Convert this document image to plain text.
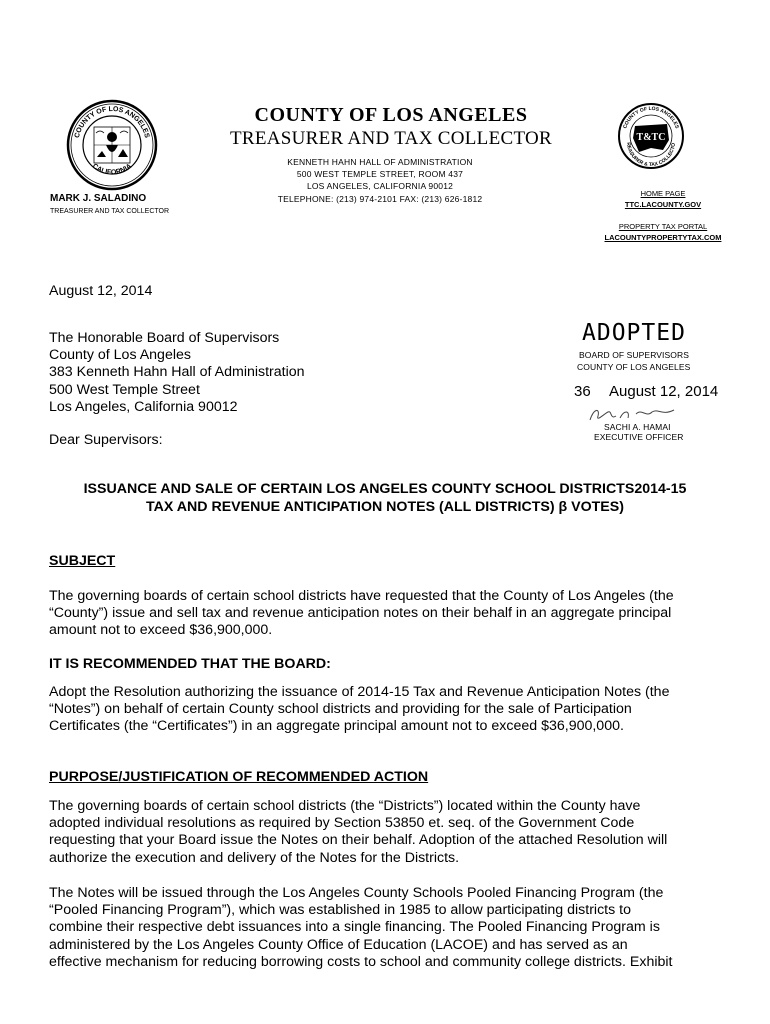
COUNTY OF LOS ANGELES
CALIFORNIA
COUNTY OF LOS ANGELES
TREASURER AND TAX COLLECTOR
KENNETH HAHN HALL OF ADMINISTRATION
500 WEST TEMPLE STREET, ROOM 437
LOS ANGELES, CALIFORNIA 90012
TELEPHONE: (213) 974-2101 FAX: (213) 626-1812
MARK J. SALADINO
TREASURER AND TAX COLLECTOR
COUNTY OF LOS ANGELES
REASURER & TAX COLLECTO
T&TC
HOME PAGE
TTC.LACOUNTY.GOV
PROPERTY TAX PORTAL
LACOUNTYPROPERTYTAX.COM
August 12, 2014
The Honorable Board of Supervisors
County of Los Angeles
383 Kenneth Hahn Hall of Administration
500 West Temple Street
Los Angeles, California 90012
Dear Supervisors:
ADOPTED
BOARD OF SUPERVISORS
COUNTY OF LOS ANGELES
36 August 12, 2014
SACHI A. HAMAI
EXECUTIVE OFFICER
ISSUANCE AND SALE OF CERTAIN LOS ANGELES COUNTY SCHOOL DISTRICTS2014-15
TAX AND REVENUE ANTICIPATION NOTES (ALL DISTRICTS) β VOTES)
SUBJECT
The governing boards of certain school districts have requested that the County of Los Angeles (the
“County”) issue and sell tax and revenue anticipation notes on their behalf in an aggregate principal
amount not to exceed $36,900,000.
IT IS RECOMMENDED THAT THE BOARD:
Adopt the Resolution authorizing the issuance of 2014-15 Tax and Revenue Anticipation Notes (the
“Notes”) on behalf of certain County school districts and providing for the sale of Participation
Certificates (the “Certificates”) in an aggregate principal amount not to exceed $36,900,000.
PURPOSE/JUSTIFICATION OF RECOMMENDED ACTION
The governing boards of certain school districts (the “Districts”) located within the County have
adopted individual resolutions as required by Section 53850 et. seq. of the Government Code
requesting that your Board issue the Notes on their behalf. Adoption of the attached Resolution will
authorize the execution and delivery of the Notes for the Districts.
The Notes will be issued through the Los Angeles County Schools Pooled Financing Program (the
“Pooled Financing Program”), which was established in 1985 to allow participating districts to
combine their respective debt issuances into a single financing. The Pooled Financing Program is
administered by the Los Angeles County Office of Education (LACOE) and has served as an
effective mechanism for reducing borrowing costs to school and community college districts. Exhibit
